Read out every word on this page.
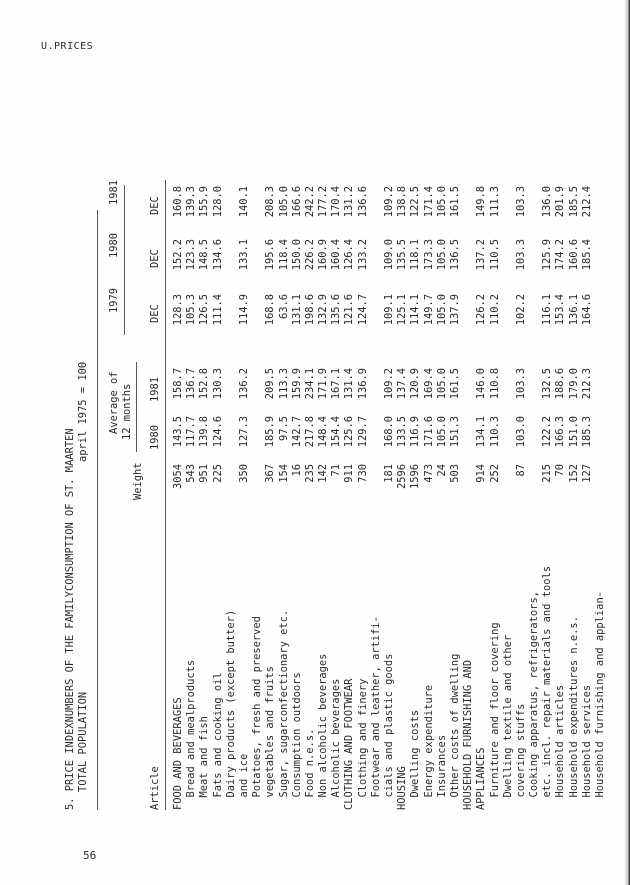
U.PRICES
56
5. PRICE INDEXNUMBERS OF THE FAMILYCONSUMPTION OF ST. MAARTEN TOTAL POPULATION
april 1975 = 100 Average of 12 months
1979
1980
1981
Article
Weight
1980
1981
DEC
DEC
DEC
FOOD AND BEVERAGES
3054
143.5
158.7
128.3
152.2
160.8
Bread and mealproducts
543
117.7
136.7
105.3
123.3
139.3
Meat and fish
951
139.8
152.8
126.5
148.5
155.9
Fats and cooking oil
225
124.6
130.3
111.4
134.6
128.0
Dairy products (except butter) and ice
350
127.3
136.2
114.9
133.1
140.1
Potatoes, fresh and preserved vegetables and fruits
367
185.9
209.5
168.8
195.6
208.3
Sugar, sugarconfectionary etc.
154
97.5
113.3
63.6
118.4
105.0
Consumption outdoors
16
142.7
159.9
131.1
150.0
166.6
Food n.e.s.
235
217.8
234.1
198.6
226.2
242.2
Non alcoholic beverages
142
148.4
171.9
132.9
160.9
177.2
Alcoholic beverages
71
154.4
167.1
135.6
160.4
170.4
CLOTHING AND FOOTWEAR
911
125.6
131.4
121.6
126.4
131.2
Clothing and finery
730
129.7
136.9
124.7
133.2
136.6
Footwear and leather, artifi- cials and plastic goods
181
168.0
109.2
109.1
109.0
109.2
HOUSING
2596
133.5
137.4
125.1
135.5
138.8
Dwelling costs
1596
116.9
120.9
114.1
118.1
122.5
Energy expenditure
473
171.6
169.4
149.7
173.3
171.4
Insurances
24
105.0
105.0
105.0
105.0
105.0
Other costs of dwelling
503
151.3
161.5
137.9
136.5
161.5
HOUSEHOLD FURNISHING AND APPLIANCES
914
134.1
146.0
126.2
137.2
149.8
Furniture and floor covering
252
110.3
110.8
110.2
110.5
111.3
Dwelling textile and other covering stuffs
87
103.0
103.3
102.2
103.3
103.3
Cooking apparatus, refrigerators, etc. incl. repair materials and tools
215
122.2
132.5
116.1
125.9
136.0
Household articles
70
166.3
188.6
153.4
174.2
201.9
Household expenditures n.e.s.
152
151.0
179.0
136.1
160.6
185.5
Household services
127
185.3
212.3
164.6
185.4
212.4
Household furnishing and applian-
